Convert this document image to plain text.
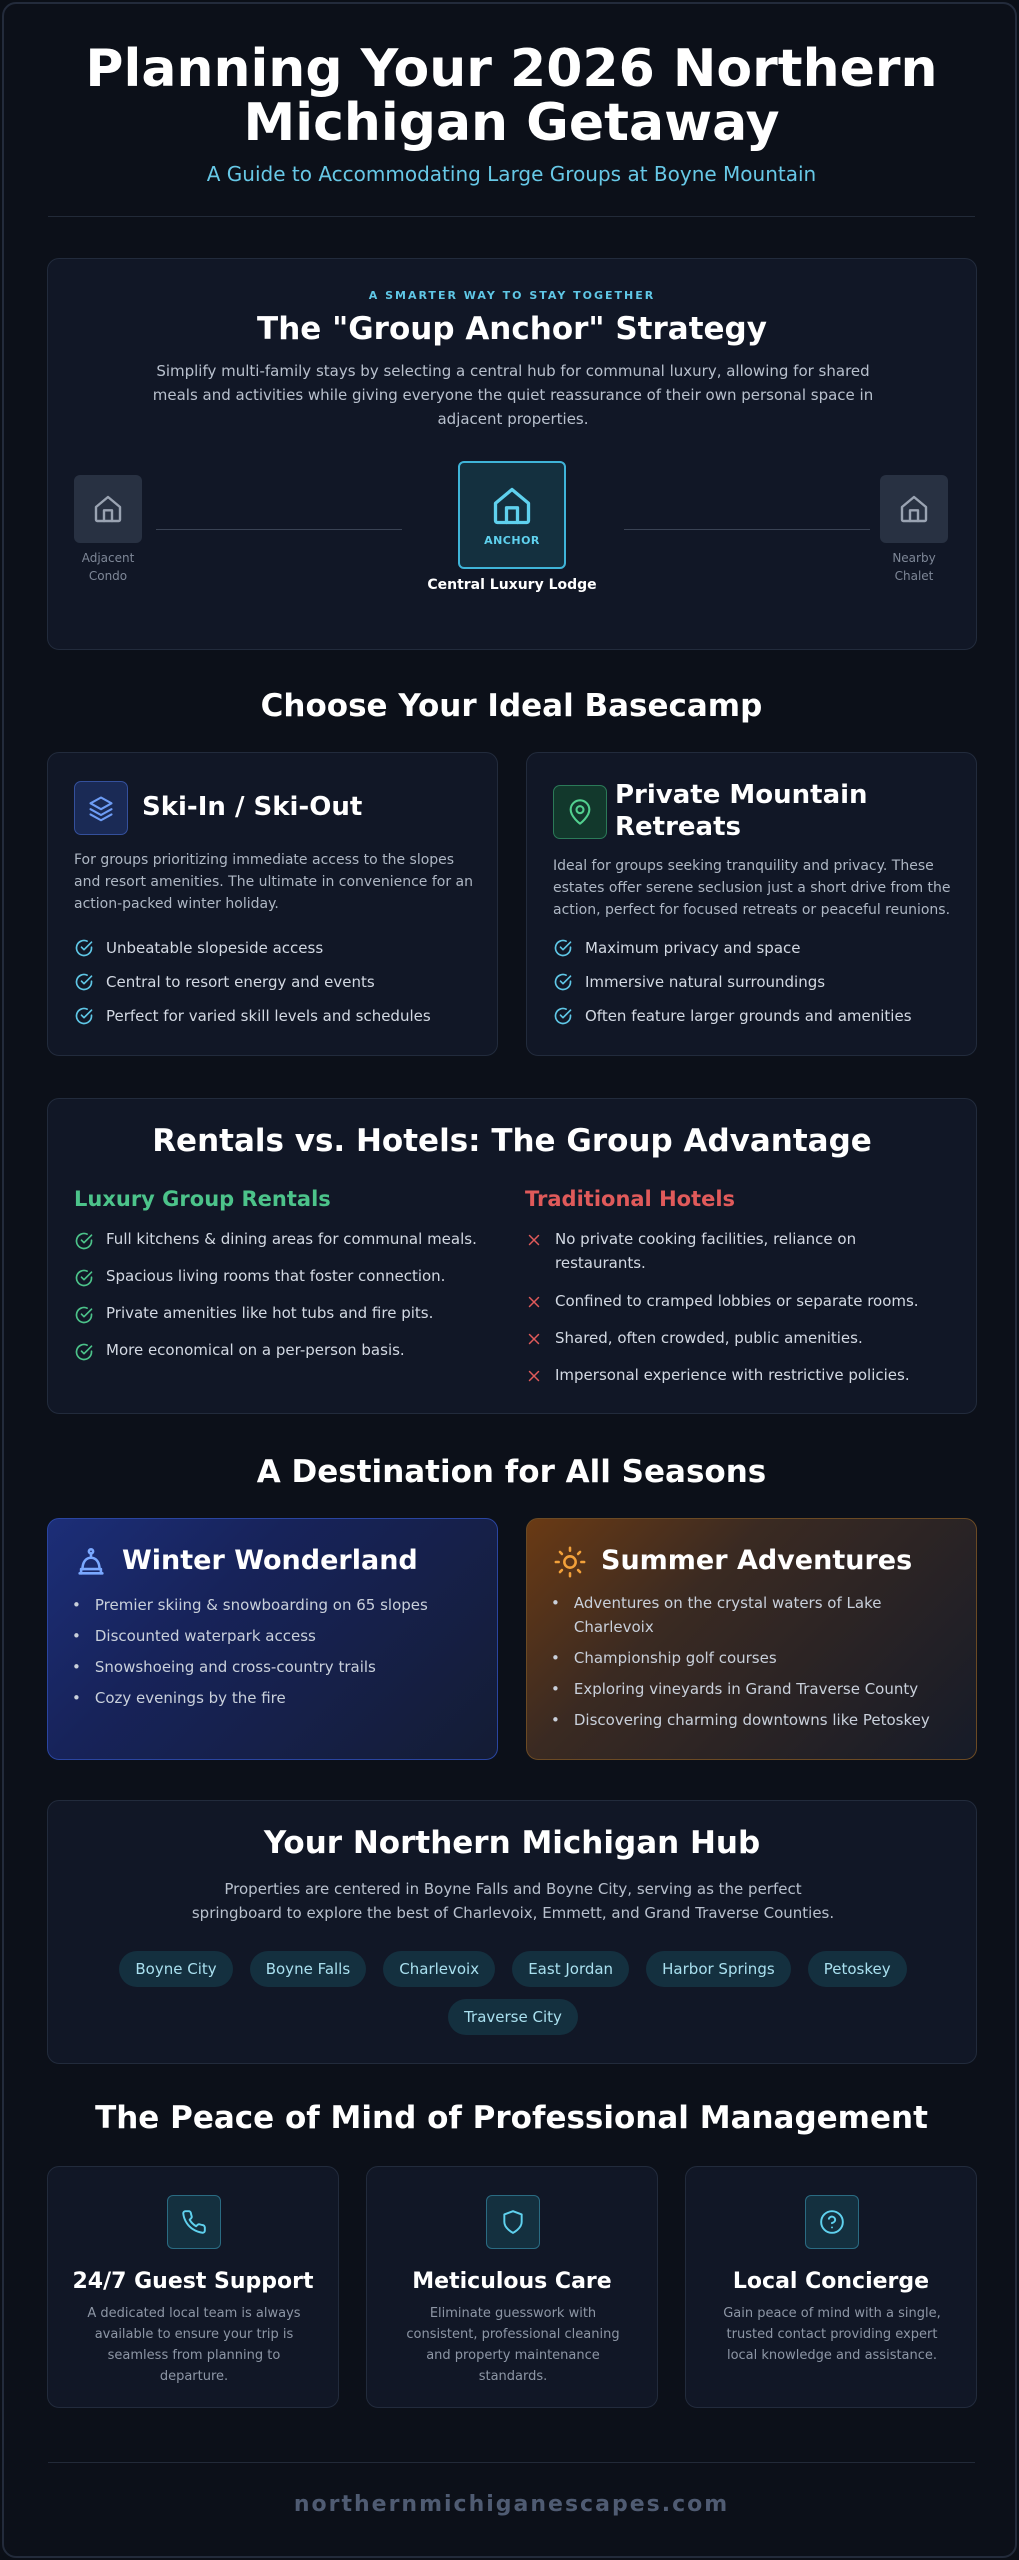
Planning Your 2026 Northern
Michigan Getaway
A Guide to Accommodating Large Groups at Boyne Mountain
A SMARTER WAY TO STAY TOGETHER
The "Group Anchor" Strategy
Simplify multi-family stays by selecting a central hub for communal luxury, allowing for shared meals and activities while giving everyone the quiet reassurance of their own personal space in adjacent properties.
Adjacent
Condo
ANCHOR
Central Luxury Lodge
Nearby
Chalet
Choose Your Ideal Basecamp
Ski-In / Ski-Out
For groups prioritizing immediate access to the slopes and resort amenities. The ultimate in convenience for an action-packed winter holiday.
Unbeatable slopeside access
Central to resort energy and events
Perfect for varied skill levels and schedules
Private Mountain
Retreats
Ideal for groups seeking tranquility and privacy. These estates offer serene seclusion just a short drive from the action, perfect for focused retreats or peaceful reunions.
Maximum privacy and space
Immersive natural surroundings
Often feature larger grounds and amenities
Rentals vs. Hotels: The Group Advantage
Luxury Group Rentals
Full kitchens & dining areas for communal meals.
Spacious living rooms that foster connection.
Private amenities like hot tubs and fire pits.
More economical on a per-person basis.
Traditional Hotels
No private cooking facilities, reliance on restaurants.
Confined to cramped lobbies or separate rooms.
Shared, often crowded, public amenities.
Impersonal experience with restrictive policies.
A Destination for All Seasons
Winter Wonderland
• Premier skiing & snowboarding on 65 slopes
• Discounted waterpark access
• Snowshoeing and cross-country trails
• Cozy evenings by the fire
Summer Adventures
• Adventures on the crystal waters of Lake Charlevoix
• Championship golf courses
• Exploring vineyards in Grand Traverse County
• Discovering charming downtowns like Petoskey
Your Northern Michigan Hub
Properties are centered in Boyne Falls and Boyne City, serving as the perfect springboard to explore the best of Charlevoix, Emmett, and Grand Traverse Counties.
Boyne City	Boyne Falls	Charlevoix	East Jordan	Harbor Springs	Petoskey Traverse City
The Peace of Mind of Professional Management
24/7 Guest Support
A dedicated local team is always available to ensure your trip is seamless from planning to departure.
Meticulous Care
Eliminate guesswork with consistent, professional cleaning and property maintenance standards.
Local Concierge
Gain peace of mind with a single, trusted contact providing expert local knowledge and assistance.
northernmichiganescapes.com
